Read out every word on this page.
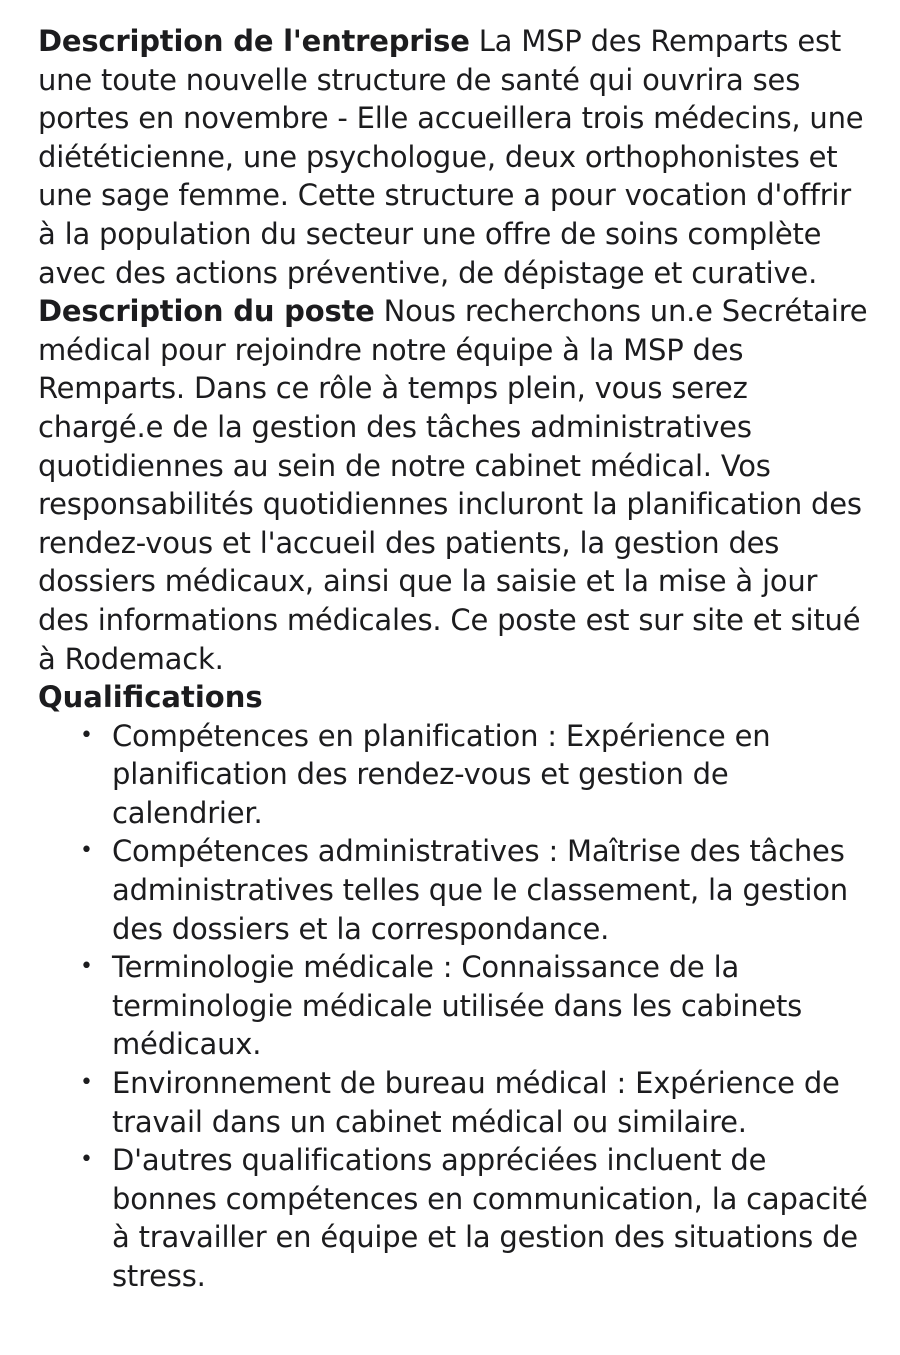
Description de l'entreprise La MSP des Remparts est une toute nouvelle structure de santé qui ouvrira ses portes en novembre - Elle accueillera trois médecins, une diététicienne, une psychologue, deux orthophonistes et une sage femme. Cette structure a pour vocation d'offrir à la population du secteur une offre de soins complète avec des actions préventive, de dépistage et curative.

Description du poste Nous recherchons un.e Secrétaire médical pour rejoindre notre équipe à la MSP des Remparts. Dans ce rôle à temps plein, vous serez chargé.e de la gestion des tâches administratives quotidiennes au sein de notre cabinet médical. Vos responsabilités quotidiennes incluront la planification des rendez-vous et l'accueil des patients, la gestion des dossiers médicaux, ainsi que la saisie et la mise à jour des informations médicales. Ce poste est sur site et situé à Rodemack.

Qualifications

• Compétences en planification : Expérience en planification des rendez-vous et gestion de calendrier.
• Compétences administratives : Maîtrise des tâches administratives telles que le classement, la gestion des dossiers et la correspondance.
• Terminologie médicale : Connaissance de la terminologie médicale utilisée dans les cabinets médicaux.
• Environnement de bureau médical : Expérience de travail dans un cabinet médical ou similaire.
• D'autres qualifications appréciées incluent de bonnes compétences en communication, la capacité à travailler en équipe et la gestion des situations de stress.
